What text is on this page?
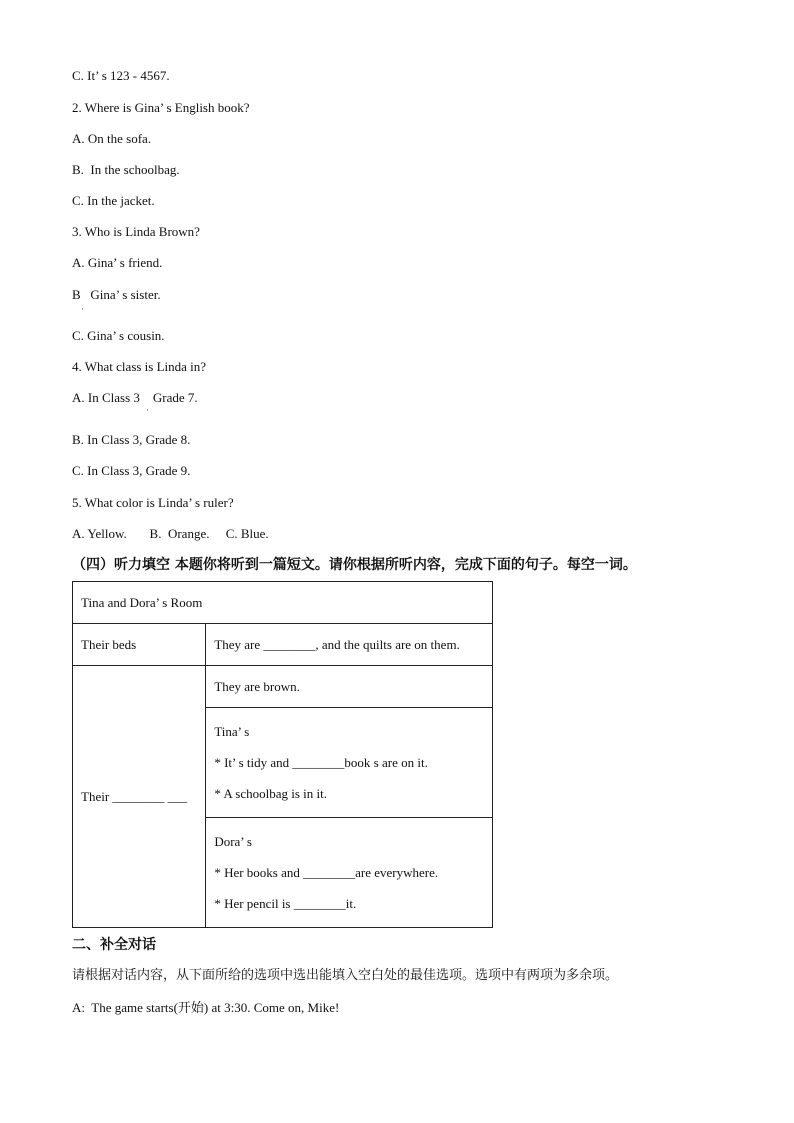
C. It’ s 123 - 4567.
2. Where is Gina’ s English book?
A. On the sofa.
B.  In the schoolbag.
C. In the jacket.
3. Who is Linda Brown?
A. Gina’ s friend.
B   Gina’ s sister.
·
C. Gina’ s cousin.
4. What class is Linda in?
A. In Class 3    Grade 7.
·
B. In Class 3, Grade 8.
C. In Class 3, Grade 9.
5. What color is Linda’ s ruler?
A. Yellow.       B.  Orange.     C. Blue.
（四）听力填空 本题你将听到一篇短文。请你根据所听内容，完成下面的句子。每空一词。
Tina and Dora’ s Room	
Their beds	They are ________, and the quilts are on them.
Their ________ ___	They are brown.

	Tina’ s
* It’ s tidy and ________book s are on it.
* A schoolbag is in it.

	Dora’ s
* Her books and ________are everywhere.
* Her pencil is ________it.
二、补全对话
请根据对话内容，从下面所给的选项中选出能填入空白处的最佳选项。选项中有两项为多余项。
A:  The game starts(开始) at 3:30. Come on, Mike!
